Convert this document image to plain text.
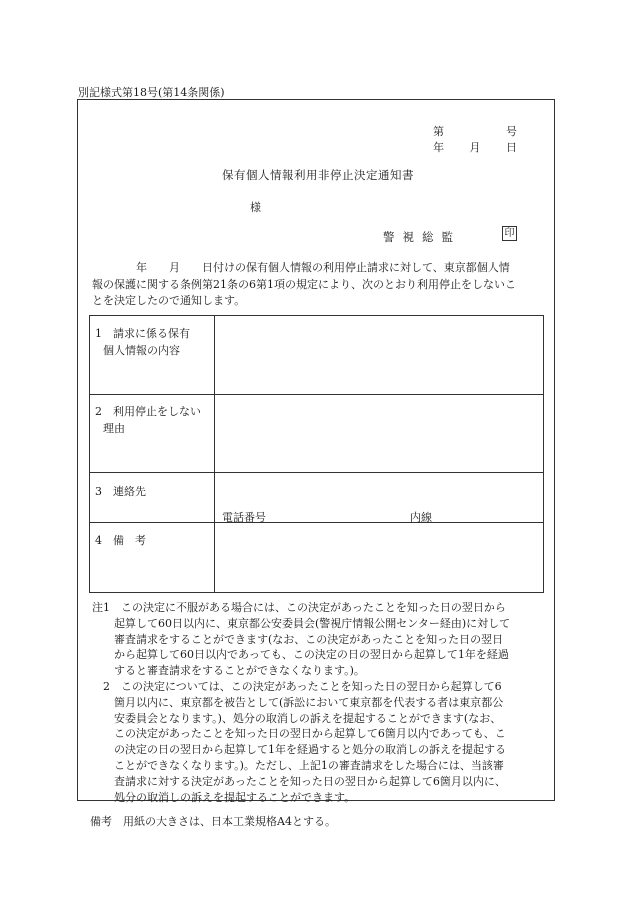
別記様式第18号(第14条関係)
第	号
年 月 日
保有個人情報利用非停止決定通知書
様
警視総監	印
　　　　年　　月　　日付けの保有個人情報の利用停止請求に対して、東京都個人情
報の保護に関する条例第21条の6第1項の規定により、次のとおり利用停止をしないこ
とを決定したので通知します。
1　請求に係る保有
個人情報の内容
2　利用停止をしない
理由
3　連絡先
電話番号	内線
4　備　考
注1　この決定に不服がある場合には、この決定があったことを知った日の翌日から
　　起算して60日以内に、東京都公安委員会(警視庁情報公開センター経由)に対して
　　審査請求をすることができます(なお、この決定があったことを知った日の翌日
　　から起算して60日以内であっても、この決定の日の翌日から起算して1年を経過
　　すると審査請求をすることができなくなります。)。
　2　この決定については、この決定があったことを知った日の翌日から起算して6
　　箇月以内に、東京都を被告として(訴訟において東京都を代表する者は東京都公
　　安委員会となります。)、処分の取消しの訴えを提起することができます(なお、
　　この決定があったことを知った日の翌日から起算して6箇月以内であっても、こ
　　の決定の日の翌日から起算して1年を経過すると処分の取消しの訴えを提起する
　　ことができなくなります。)。ただし、上記1の審査請求をした場合には、当該審
　　査請求に対する決定があったことを知った日の翌日から起算して6箇月以内に、
　　処分の取消しの訴えを提起することができます。
備考　用紙の大きさは、日本工業規格A4とする。
